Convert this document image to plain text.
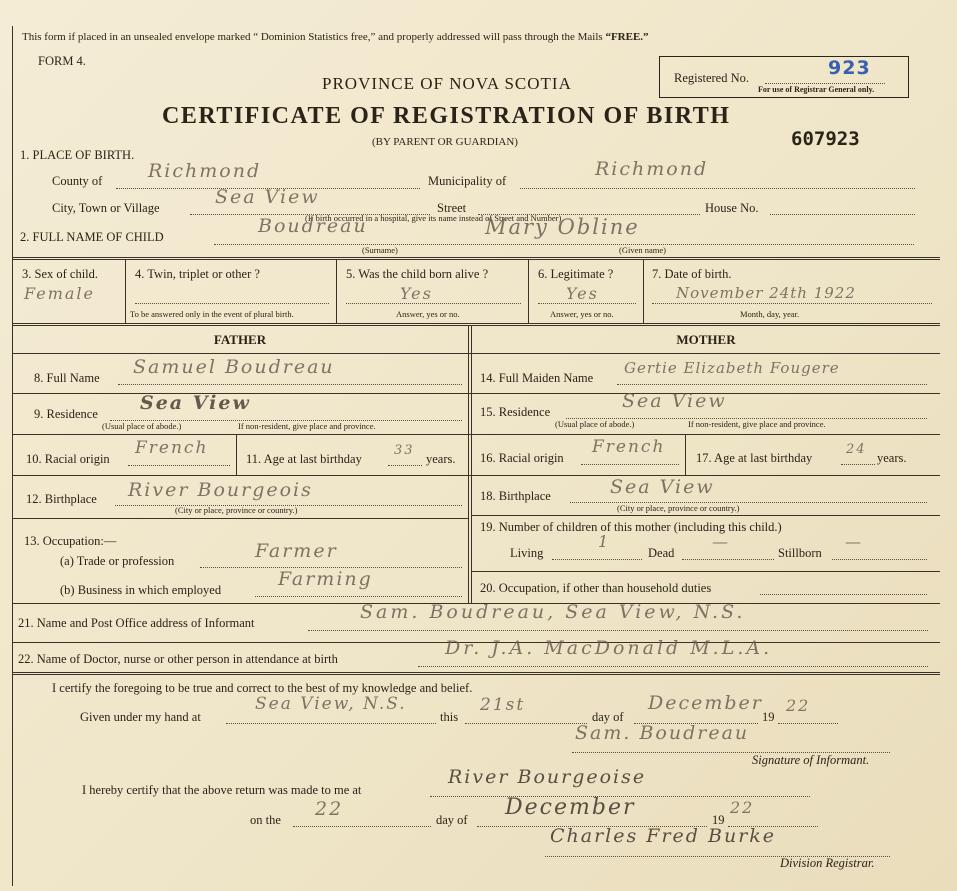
This form if placed in an unsealed envelope marked “ Dominion Statistics free,” and properly addressed will pass through the Mails “FREE.”
FORM 4.
PROVINCE OF NOVA SCOTIA
CERTIFICATE OF REGISTRATION OF BIRTH
(BY PARENT OR GUARDIAN)
Registered No.	923
For use of Registrar General only.
607923
1. PLACE OF BIRTH.
County of Richmond	Municipality of
Richmond
City, Town or Village	Sea View	Street	House No.
(If birth occurred in a hospital, give its name instead of Street and Number)
2. FULL NAME OF CHILD	Boudreau	Mary Obline
(Surname)	(Given name)
3. Sex of child.
Female
4. Twin, triplet or other ?
To be answered only in the event of plural birth.
5. Was the child born alive ?
Yes
Answer, yes or no.
6. Legitimate ?
Yes
Answer, yes or no.
7. Date of birth.
November 24th 1922
Month, day, year.
FATHER	MOTHER
8. Full Name Samuel Boudreau
9. Residence Sea View
(Usual place of abode.)	If non-resident, give place and province.
10. Racial origin
French
11. Age at last birthday
33
years.
12. Birthplace River Bourgeois
(City or place, province or country.)
13. Occupation:—
(a) Trade or profession	Farmer
(b) Business in which employed	Farming
14. Full Maiden Name
Gertie Elizabeth Fougere
15. Residence	Sea View
(Usual place of abode.)	If non-resident, give place and province.
16. Racial origin
French
17. Age at last birthday
24
years.
18. Birthplace	Sea View
(City or place, province or country.)
19. Number of children of this mother (including this child.)
Living
1
Dead
—
Stillborn
—
20. Occupation, if other than household duties
21. Name and Post Office address of Informant	Sam. Boudreau, Sea View, N.S.
22. Name of Doctor, nurse or other person in attendance at birth	Dr. J.A. MacDonald M.L.A.
I certify the foregoing to be true and correct to the best of my knowledge and belief.
Given under my hand at
Sea View, N.S.
this
21st
day of
December
19
22
Sam. Boudreau
Signature of Informant.
I hereby certify that the above return was made to me at
River Bourgeoise
on the 22	day of December	19
22
Charles Fred Burke
Division Registrar.
